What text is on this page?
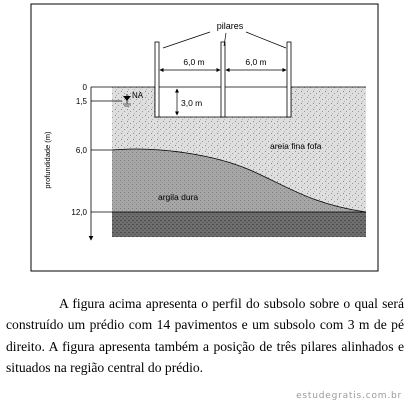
pilares
6,0 m	6,0 m
3,0 m
NA
0
1,5
6,0
12,0
profundidade (m)	areia fina fofa
argila dura

A figura acima apresenta o perfil do subsolo sobre o qual será construído um prédio com 14 pavimentos e um subsolo com 3 m de pé direito. A figura apresenta também a posição de três pilares alinhados e situados na região central do prédio.

estudegratis.com.br
